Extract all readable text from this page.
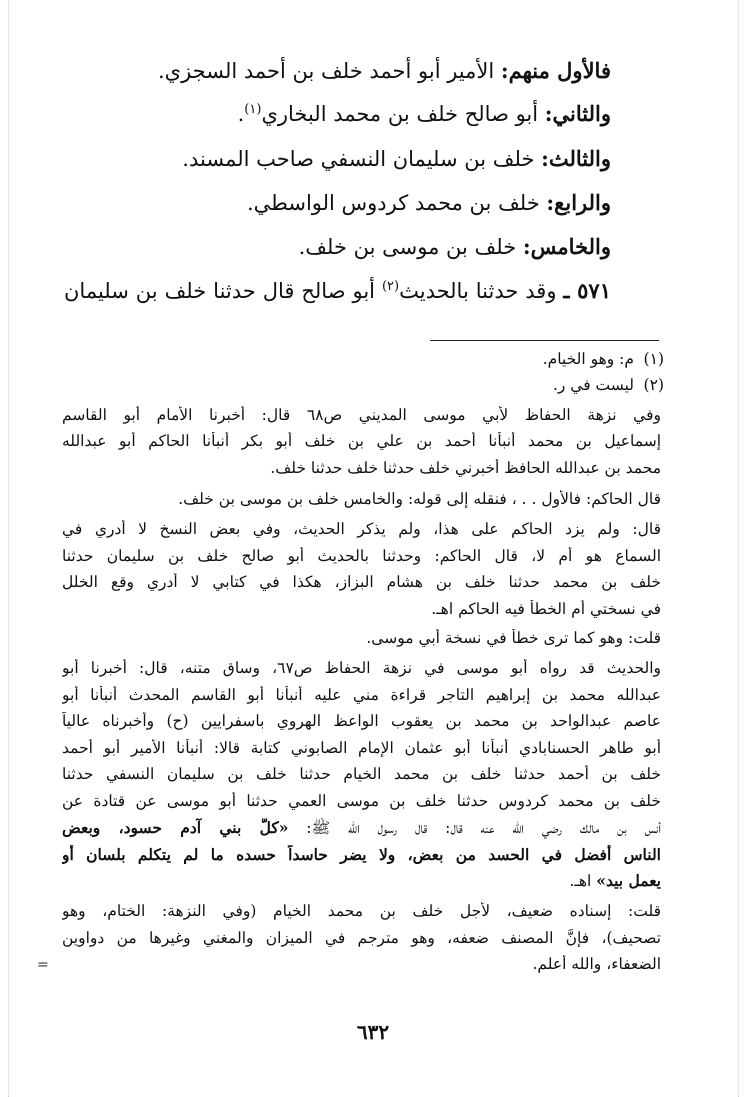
فالأول منهم: الأمير أبو أحمد خلف بن أحمد السجزي.
والثاني: أبو صالح خلف بن محمد البخاري$^{(١)}$.
والثالث: خلف بن سليمان النسفي صاحب المسند.
والرابع: خلف بن محمد كردوس الواسطي.
والخامس: خلف بن موسى بن خلف.
٥٧١ ـ وقد حدثنا بالحديث$^{(٢)}$ أبو صالح قال حدثنا خلف بن سليمان
(١)م: وهو الخيام.
(٢)ليست في ر.
وفي نزهة الحفاظ لأبي موسى المديني ص٦٨ قال: أخبرنا الأمام أبو القاسم
إسماعيل بن محمد أنبأنا أحمد بن علي بن خلف أبو بكر أنبأنا الحاكم أبو عبدالله
محمد بن عبدالله الحافظ أخبرني خلف حدثنا خلف حدثنا خلف.
قال الحاكم: فالأول . . ، فنقله إلى قوله: والخامس خلف بن موسى بن خلف.
قال: ولم يزد الحاكم على هذا، ولم يذكر الحديث، وفي بعض النسخ لا أدري في
السماع هو أم لا، قال الحاكم: وحدثنا بالحديث أبو صالح خلف بن سليمان حدثنا
خلف بن محمد حدثنا خلف بن هشام البزاز، هكذا في كتابي لا أدري وقع الخلل
في نسختي أم الخطأ فيه الحاكم اهـ.
قلت: وهو كما ترى خطأ في نسخة أبي موسى.
والحديث قد رواه أبو موسى في نزهة الحفاظ ص٦٧، وساق متنه، قال: أخبرنا أبو
عبدالله محمد بن إبراهيم التاجر قراءة مني عليه أنبأنا أبو القاسم المحدث أنبأنا أبو
عاصم عبدالواحد بن محمد بن يعقوب الواعظ الهروي باسفرايين (ح) وأخبرناه عالياً
أبو طاهر الحسنابادي أنبأنا أبو عثمان الإمام الصابوني كتابة قالا: أنبأنا الأمير أبو أحمد
خلف بن أحمد حدثنا خلف بن محمد الخيام حدثنا خلف بن سليمان النسفي حدثنا
خلف بن محمد كردوس حدثنا خلف بن موسى العمي حدثنا أبو موسى عن قتادة عن
أنس بن مالك رضي الله عنه قال: قال رسول الله ﷺ: «كلُّ بني آدم حسود، وبعض
الناس أفضل في الحسد من بعض، ولا يضر حاسداً حسده ما لم يتكلم بلسان أو
يعمل بيد» اهـ.
قلت: إسناده ضعيف، لأجل خلف بن محمد الخيام (وفي النزهة: الختام، وهو
تصحيف)، فإنَّ المصنف ضعفه، وهو مترجم في الميزان والمغني وغيرها من دواوين
الضعفاء، والله أعلم.
=
٦٣٢
